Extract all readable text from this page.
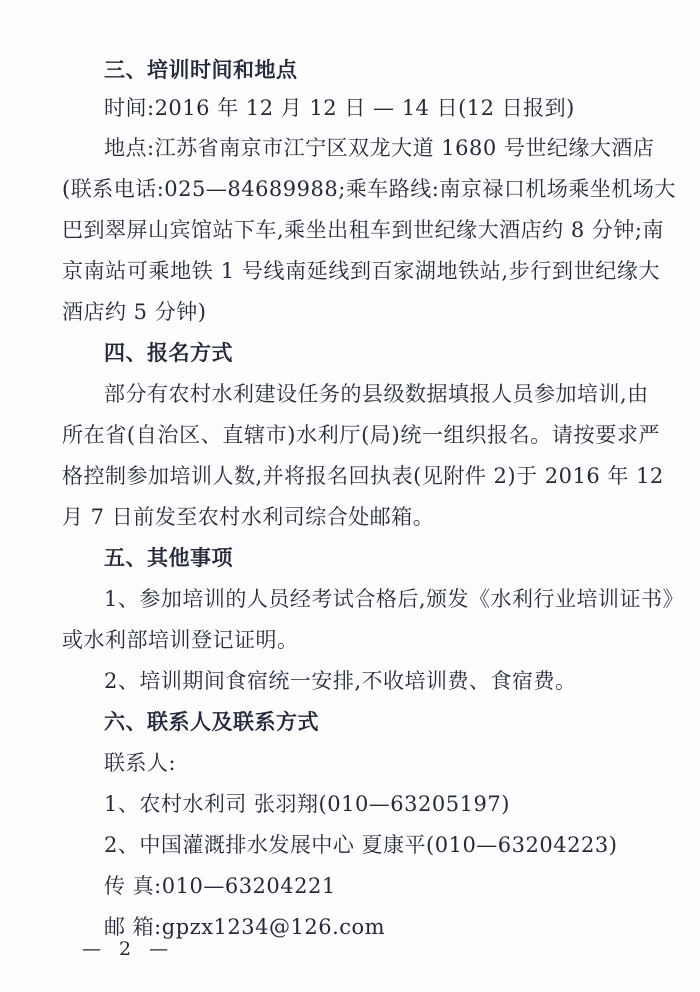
三、培训时间和地点
时间:2016 年 12 月 12 日 — 14 日(12 日报到)
地点:江苏省南京市江宁区双龙大道 1680 号世纪缘大酒店
(联系电话:025—84689988;乘车路线:南京禄口机场乘坐机场大
巴到翠屏山宾馆站下车,乘坐出租车到世纪缘大酒店约 8 分钟;南
京南站可乘地铁 1 号线南延线到百家湖地铁站,步行到世纪缘大
酒店约 5 分钟)
四、报名方式
部分有农村水利建设任务的县级数据填报人员参加培训,由
所在省(自治区、直辖市)水利厅(局)统一组织报名。请按要求严
格控制参加培训人数,并将报名回执表(见附件 2)于 2016 年 12
月 7 日前发至农村水利司综合处邮箱。
五、其他事项
1、参加培训的人员经考试合格后,颁发《水利行业培训证书》
或水利部培训登记证明。
2、培训期间食宿统一安排,不收培训费、食宿费。
六、联系人及联系方式
联系人:
1、农村水利司 张羽翔(010—63205197)
2、中国灌溉排水发展中心 夏康平(010—63204223)
传 真:010—63204221
邮 箱:gpzx1234@126.com
— 2 —
